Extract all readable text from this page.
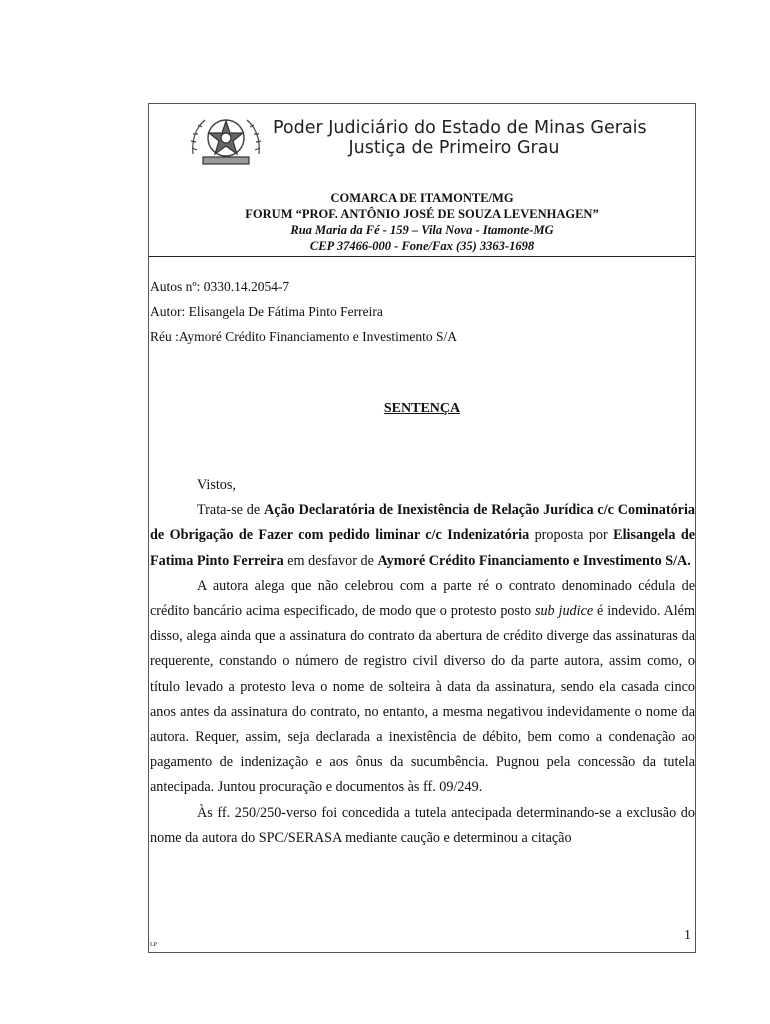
Poder Judiciário do Estado de Minas Gerais
Justiça de Primeiro Grau
COMARCA DE ITAMONTE/MG
FORUM “PROF. ANTÔNIO JOSÉ DE SOUZA LEVENHAGEN”
Rua Maria da Fé - 159 – Vila Nova - Itamonte-MG
CEP 37466-000 - Fone/Fax (35) 3363-1698
Autos nº: 0330.14.2054-7
Autor: Elisangela De Fátima Pinto Ferreira
Réu :Aymoré Crédito Financiamento e Investimento S/A
SENTENÇA

Vistos,

Trata-se de Ação Declaratória de Inexistência de Relação Jurídica c/c Cominatória de Obrigação de Fazer com pedido liminar c/c Indenizatória proposta por Elisangela de Fatima Pinto Ferreira em desfavor de Aymoré Crédito Financiamento e Investimento S/A.

A autora alega que não celebrou com a parte ré o contrato denominado cédula de crédito bancário acima especificado, de modo que o protesto posto sub judice é indevido. Além disso, alega ainda que a assinatura do contrato da abertura de crédito diverge das assinaturas da requerente, constando o número de registro civil diverso do da parte autora, assim como, o título levado a protesto leva o nome de solteira à data da assinatura, sendo ela casada cinco anos antes da assinatura do contrato, no entanto, a mesma negativou indevidamente o nome da autora. Requer, assim, seja declarada a inexistência de débito, bem como a condenação ao pagamento de indenização e aos ônus da sucumbência. Pugnou pela concessão da tutela antecipada. Juntou procuração e documentos às ff. 09/249.

Às ff. 250/250-verso foi concedida a tutela antecipada determinando-se a exclusão do nome da autora do SPC/SERASA mediante caução e determinou a citação

1
LP
